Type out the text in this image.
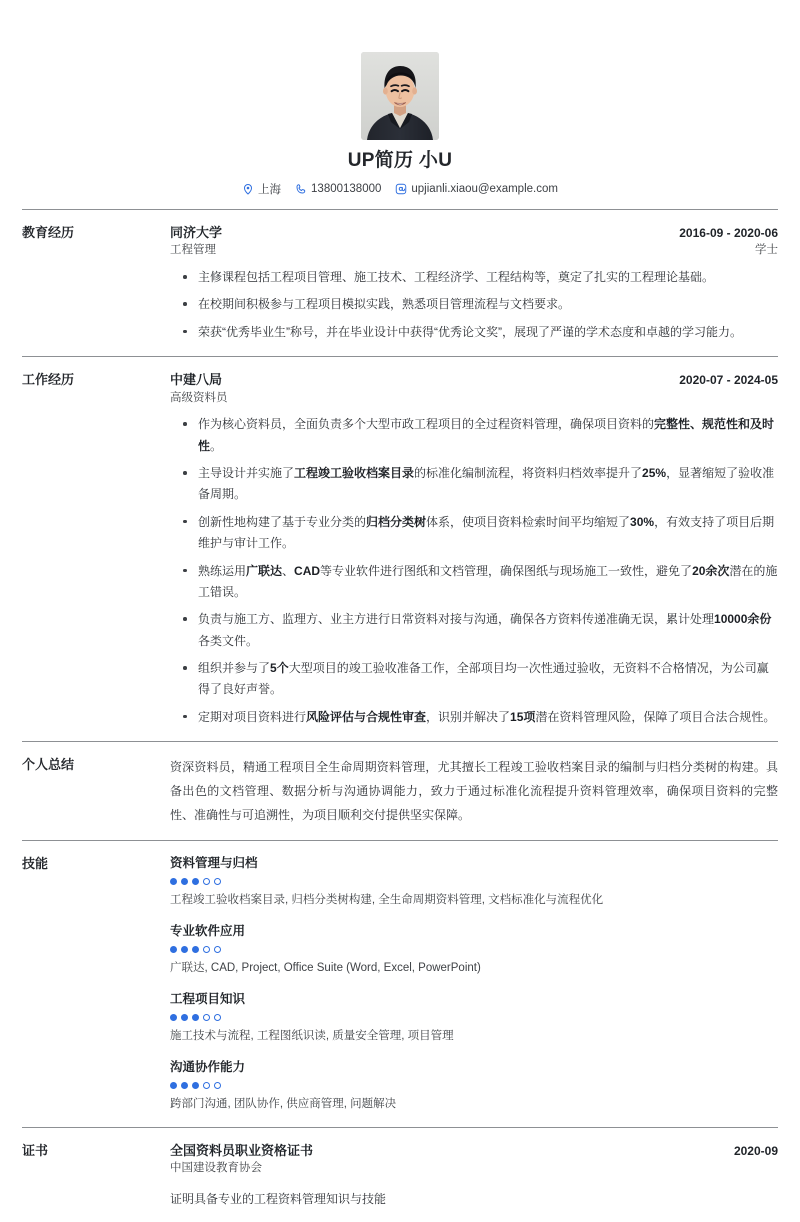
UP简历 小U
上海	13800138000	upjianli.xiaou@example.com
教育经历	同济大学	2016-09 - 2020-06
工程管理	学士
主修课程包括工程项目管理、施工技术、工程经济学、工程结构等，奠定了扎实的工程理论基础。
在校期间积极参与工程项目模拟实践，熟悉项目管理流程与文档要求。
荣获“优秀毕业生”称号，并在毕业设计中获得“优秀论文奖”，展现了严谨的学术态度和卓越的学习能力。
工作经历	中建八局	2020-07 - 2024-05
高级资料员
作为核心资料员，全面负责多个大型市政工程项目的全过程资料管理，确保项目资料的完整性、规范性和及时性。
主导设计并实施了工程竣工验收档案目录的标准化编制流程，将资料归档效率提升了25%，显著缩短了验收准备周期。
创新性地构建了基于专业分类的归档分类树体系，使项目资料检索时间平均缩短了30%，有效支持了项目后期维护与审计工作。
熟练运用广联达、CAD等专业软件进行图纸和文档管理，确保图纸与现场施工一致性，避免了20余次潜在的施工错误。
负责与施工方、监理方、业主方进行日常资料对接与沟通，确保各方资料传递准确无误，累计处理10000余份各类文件。
组织并参与了5个大型项目的竣工验收准备工作，全部项目均一次性通过验收，无资料不合格情况，为公司赢得了良好声誉。
定期对项目资料进行风险评估与合规性审查，识别并解决了15项潜在资料管理风险，保障了项目合法合规性。
个人总结	资深资料员，精通工程项目全生命周期资料管理，尤其擅长工程竣工验收档案目录的编制与归档分类树的构建。具备出色的文档管理、数据分析与沟通协调能力，致力于通过标准化流程提升资料管理效率，确保项目资料的完整性、准确性与可追溯性，为项目顺利交付提供坚实保障。
技能	资料管理与归档
工程竣工验收档案目录, 归档分类树构建, 全生命周期资料管理, 文档标准化与流程优化
专业软件应用
广联达, CAD, Project, Office Suite (Word, Excel, PowerPoint)
工程项目知识
施工技术与流程, 工程图纸识读, 质量安全管理, 项目管理
沟通协作能力
跨部门沟通, 团队协作, 供应商管理, 问题解决
证书	全国资料员职业资格证书	2020-09
中国建设教育协会
证明具备专业的工程资料管理知识与技能
